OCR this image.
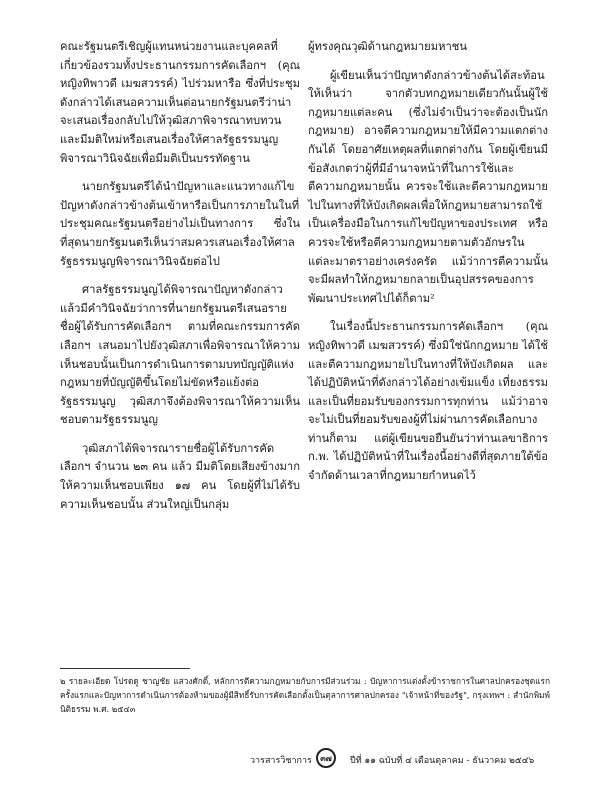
คณะรัฐมนตรีเชิญผู้แทนหน่วยงานและบุคคลที่เกี่ยวข้องรวมทั้งประธานกรรมการคัดเลือกฯ (คุณหญิงทิพาวดี เมฆสวรรค์) ไปร่วมหารือ ซึ่งที่ประชุมดังกล่าวได้เสนอความเห็นต่อนายกรัฐมนตรีว่าน่าจะเสนอเรื่องกลับไปให้วุฒิสภาพิจารณาทบทวนและมีมติใหม่หรือเสนอเรื่องให้ศาลรัฐธรรมนูญพิจารณาวินิจฉัยเพื่อมีมติเป็นบรรทัดฐาน

นายกรัฐมนตรีได้นำปัญหาและแนวทางแก้ไขปัญหาดังกล่าวข้างต้นเข้าหารือเป็นการภายในในที่ประชุมคณะรัฐมนตรีอย่างไม่เป็นทางการ ซึ่งในที่สุดนายกรัฐมนตรีเห็นว่าสมควรเสนอเรื่องให้ศาลรัฐธรรมนูญพิจารณาวินิจฉัยต่อไป

ศาลรัฐธรรมนูญได้พิจารณาปัญหาดังกล่าวแล้วมีคำวินิจฉัยว่าการที่นายกรัฐมนตรีเสนอรายชื่อผู้ได้รับการคัดเลือกฯ ตามที่คณะกรรมการคัดเลือกฯ เสนอมาไปยังวุฒิสภาเพื่อพิจารณาให้ความเห็นชอบนั้นเป็นการดำเนินการตามบทบัญญัติแห่งกฎหมายที่บัญญัติขึ้นโดยไม่ขัดหรือแย้งต่อรัฐธรรมนูญ วุฒิสภาจึงต้องพิจารณาให้ความเห็นชอบตามรัฐธรรมนูญ

วุฒิสภาได้พิจารณารายชื่อผู้ได้รับการคัดเลือกฯ จำนวน ๒๓ คน แล้ว มีมติโดยเสียงข้างมากให้ความเห็นชอบเพียง ๑๗ คน โดยผู้ที่ไม่ได้รับความเห็นชอบนั้น ส่วนใหญ่เป็นกลุ่ม

ผู้ทรงคุณวุฒิด้านกฎหมายมหาชน

ผู้เขียนเห็นว่าปัญหาดังกล่าวข้างต้นได้สะท้อนให้เห็นว่า จากตัวบทกฎหมายเดียวกันนั้นผู้ใช้กฎหมายแต่ละคน (ซึ่งไม่จำเป็นว่าจะต้องเป็นนักกฎหมาย) อาจตีความกฎหมายให้มีความแตกต่างกันได้ โดยอาศัยเหตุผลที่แตกต่างกัน โดยผู้เขียนมีข้อสังเกตว่าผู้ที่มีอำนาจหน้าที่ในการใช้และตีความกฎหมายนั้น ควรจะใช้และตีความกฎหมายไปในทางที่ให้บังเกิดผลเพื่อให้กฎหมายสามารถใช้เป็นเครื่องมือในการแก้ไขปัญหาของประเทศ หรือควรจะใช้หรือตีความกฎหมายตามตัวอักษรในแต่ละมาตราอย่างเคร่งครัด แม้ว่าการตีความนั้นจะมีผลทำให้กฎหมายกลายเป็นอุปสรรคของการพัฒนาประเทศไปได้ก็ตาม²

ในเรื่องนี้ประธานกรรมการคัดเลือกฯ (คุณหญิงทิพาวดี เมฆสวรรค์) ซึ่งมิใช่นักกฎหมาย ได้ใช้และตีความกฎหมายไปในทางที่ให้บังเกิดผล และได้ปฏิบัติหน้าที่ดังกล่าวได้อย่างเข้มแข็ง เที่ยงธรรม และเป็นที่ยอมรับของกรรมการทุกท่าน แม้ว่าอาจจะไม่เป็นที่ยอมรับของผู้ที่ไม่ผ่านการคัดเลือกบางท่านก็ตาม แต่ผู้เขียนขอยืนยันว่าท่านเลขาธิการ ก.พ. ได้ปฏิบัติหน้าที่ในเรื่องนี้อย่างดีที่สุดภายใต้ข้อจำกัดด้านเวลาที่กฎหมายกำหนดไว้

๒ รายละเอียด โปรดดู ชาญชัย แสวงศักดิ์, หลักการตีความกฎหมายกับการมีส่วนร่วม : ปัญหาการแต่งตั้งข้าราชการในศาลปกครองชุดแรก ครั้งแรกและปัญหาการดำเนินการต้องห้ามของผู้มีสิทธิ์รับการคัดเลือกตั้งเป็นตุลาการศาลปกครอง "เจ้าหน้าที่ของรัฐ", กรุงเทพฯ : สำนักพิมพ์นิติธรรม พ.ศ. ๒๕๔๓
วารสารวิชาการ ๓๗ ปีที่ ๑๑ ฉบับที่ ๔ เดือนตุลาคม - ธันวาคม ๒๕๔๖
